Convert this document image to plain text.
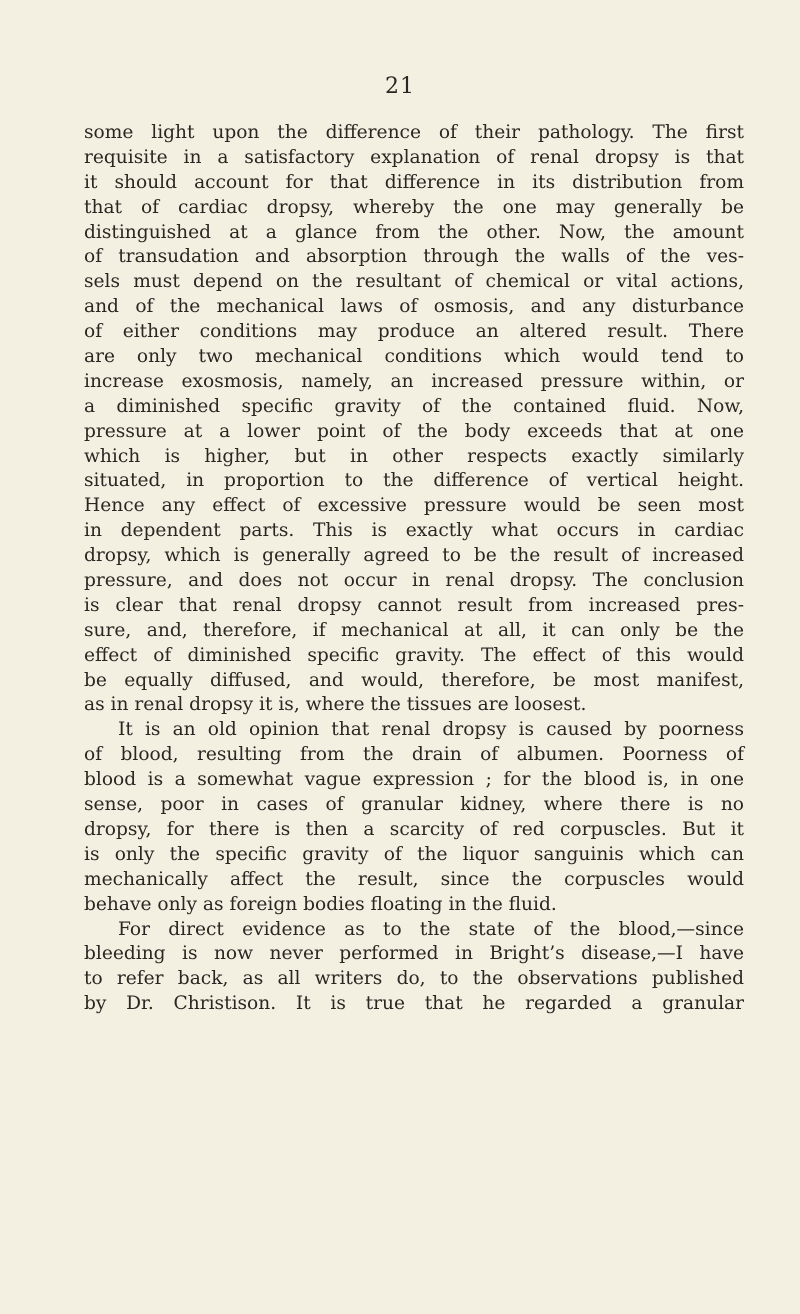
21
some light upon the difference of their pathology. The first
requisite in a satisfactory explanation of renal dropsy is that
it should account for that difference in its distribution from
that of cardiac dropsy, whereby the one may generally be
distinguished at a glance from the other. Now, the amount
of transudation and absorption through the walls of the ves-
sels must depend on the resultant of chemical or vital actions,
and of the mechanical laws of osmosis, and any disturbance
of either conditions may produce an altered result. There
are only two mechanical conditions which would tend to
increase exosmosis, namely, an increased pressure within, or
a diminished specific gravity of the contained fluid. Now,
pressure at a lower point of the body exceeds that at one
which is higher, but in other respects exactly similarly
situated, in proportion to the difference of vertical height.
Hence any effect of excessive pressure would be seen most
in dependent parts. This is exactly what occurs in cardiac
dropsy, which is generally agreed to be the result of increased
pressure, and does not occur in renal dropsy. The conclusion
is clear that renal dropsy cannot result from increased pres-
sure, and, therefore, if mechanical at all, it can only be the
effect of diminished specific gravity. The effect of this would
be equally diffused, and would, therefore, be most manifest,
as in renal dropsy it is, where the tissues are loosest.
It is an old opinion that renal dropsy is caused by poorness
of blood, resulting from the drain of albumen. Poorness of
blood is a somewhat vague expression ; for the blood is, in one
sense, poor in cases of granular kidney, where there is no
dropsy, for there is then a scarcity of red corpuscles. But it
is only the specific gravity of the liquor sanguinis which can
mechanically affect the result, since the corpuscles would
behave only as foreign bodies floating in the fluid.
For direct evidence as to the state of the blood,—since
bleeding is now never performed in Bright’s disease,—I have
to refer back, as all writers do, to the observations published
by Dr. Christison. It is true that he regarded a granular
